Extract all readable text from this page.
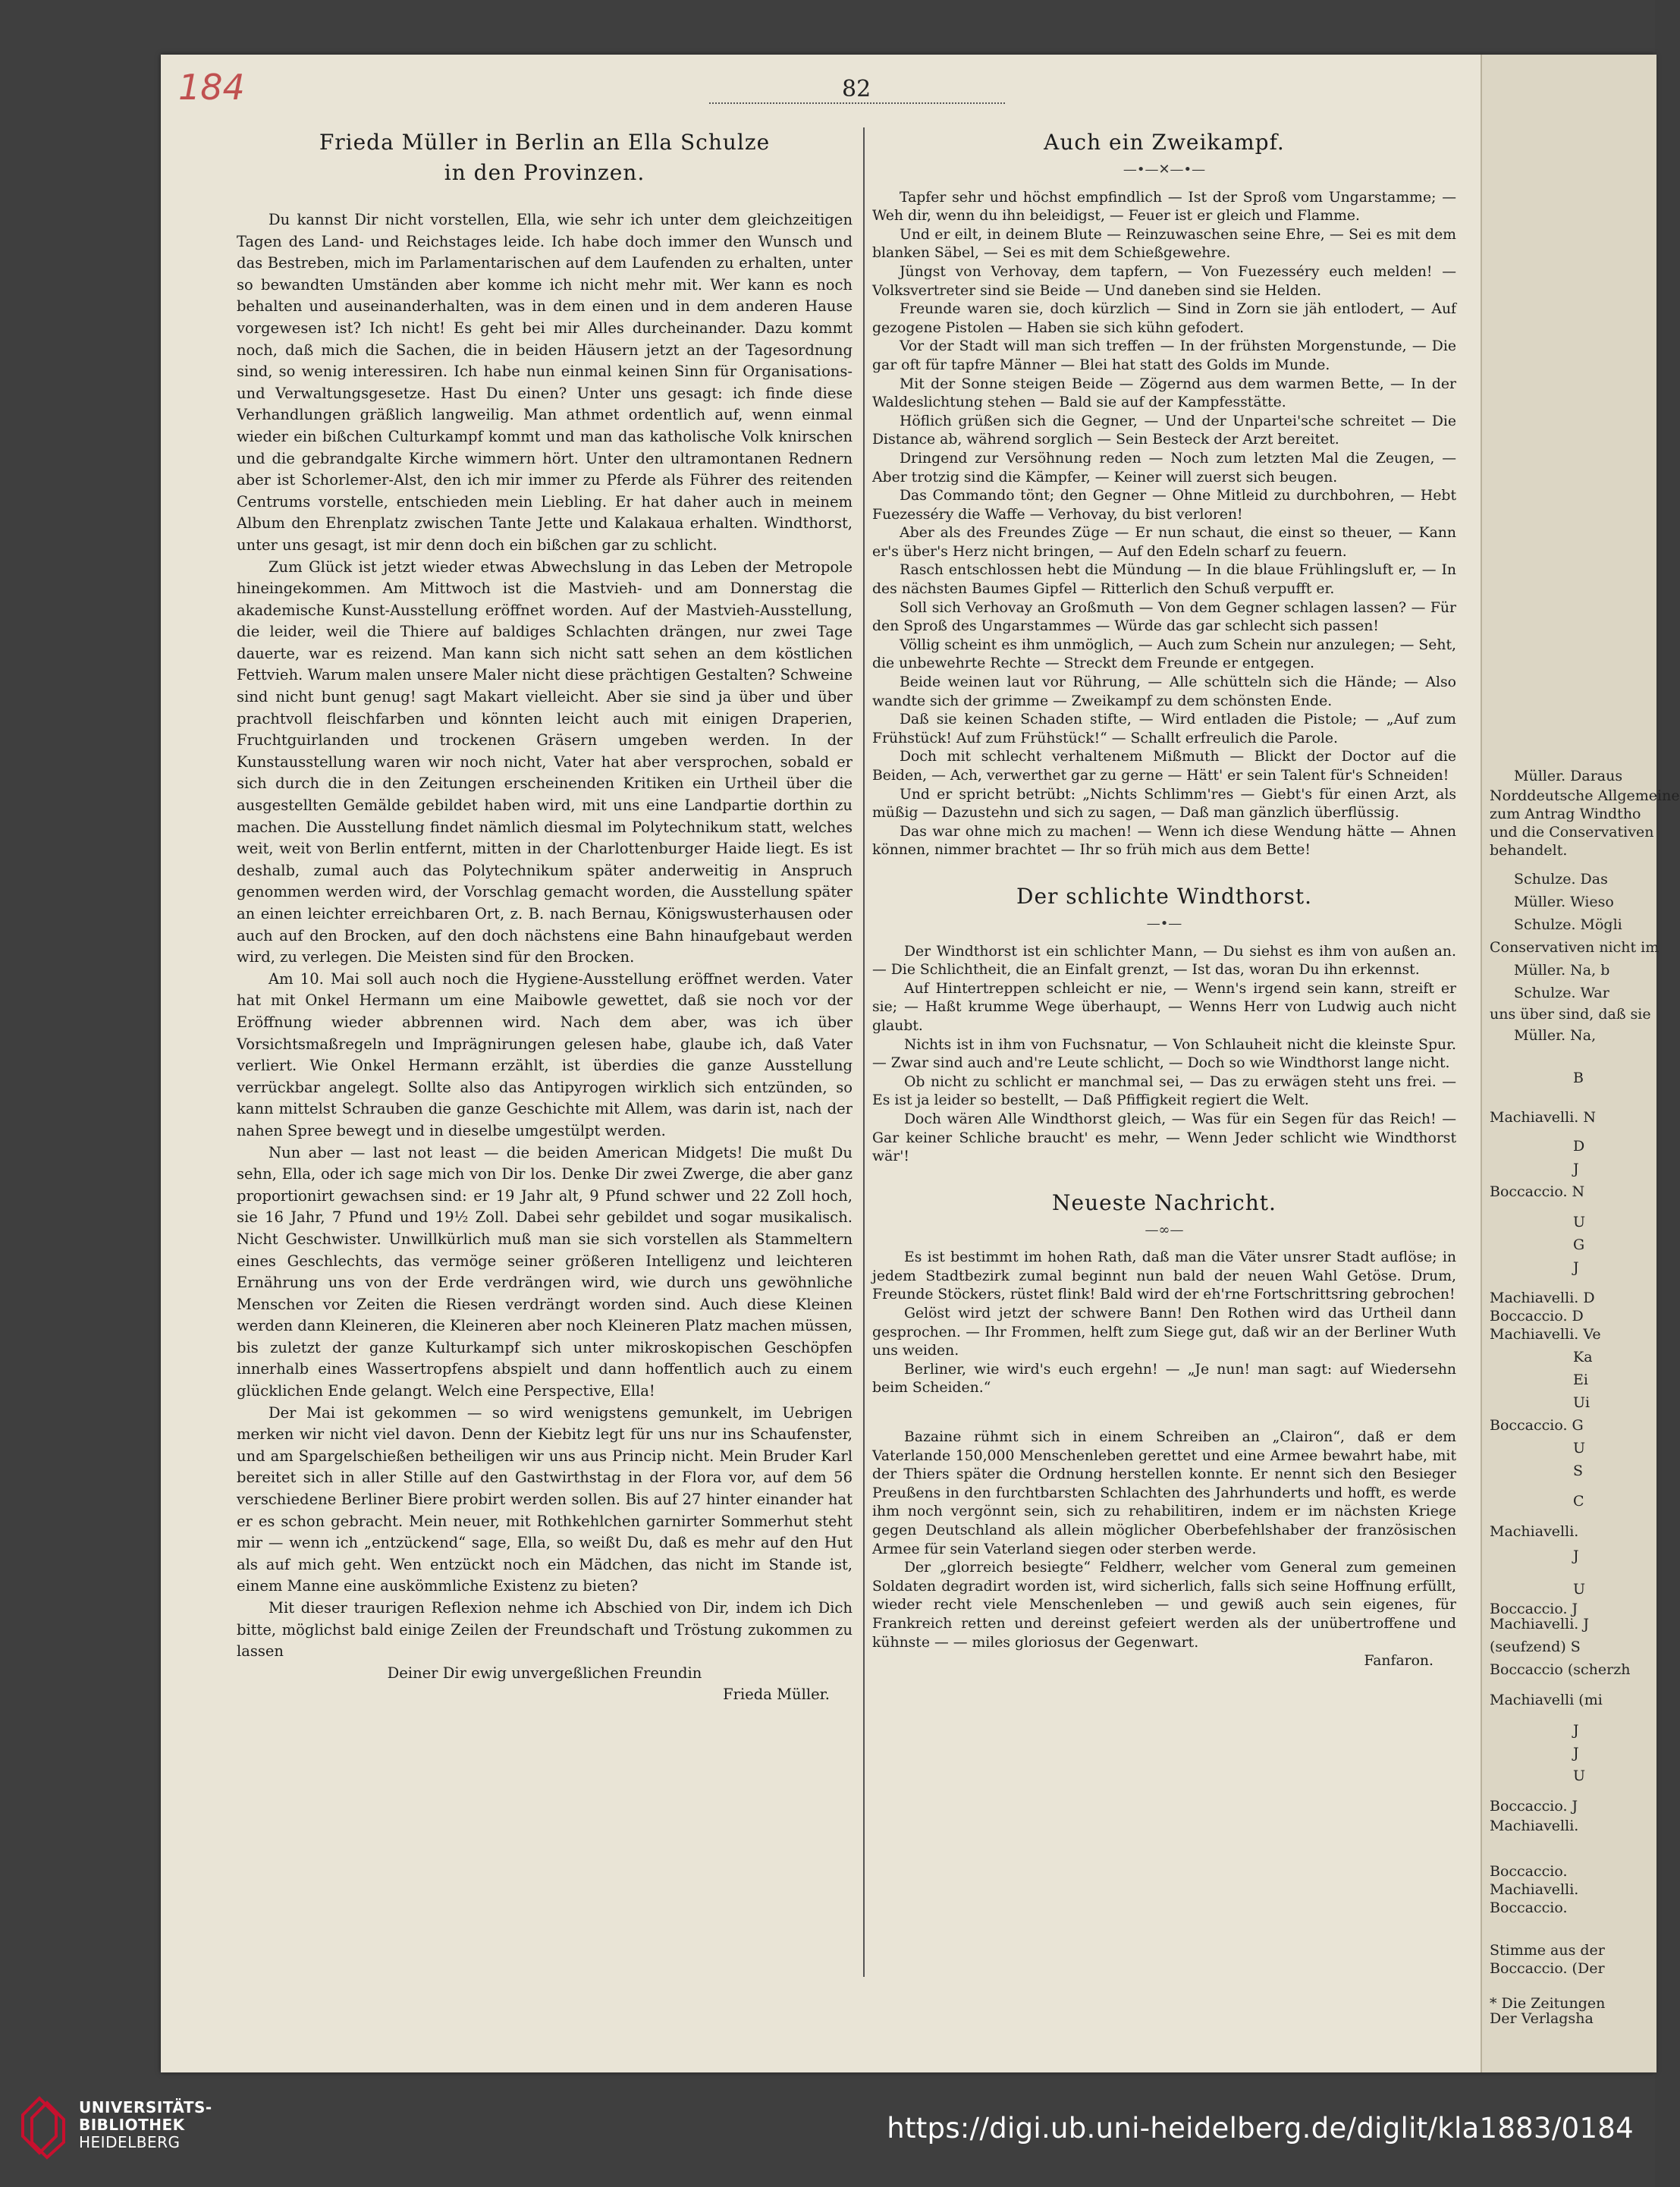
Müller. Daraus
Norddeutsche Allgemeine
zum Antrag Windtho
und die Conservativen
behandelt.
Schulze. Das
Müller. Wieso
Schulze. Mögli
Conservativen nicht im
Müller. Na, b
Schulze. War
uns über sind, daß sie
Müller. Na,
B
Machiavelli. N
D
J
Boccaccio. N
U
G
J
Machiavelli. D
Boccaccio. D
Machiavelli. Ve
Ka
Ei
Ui
Boccaccio. G
U
S
C
Machiavelli.
J
U
Boccaccio. J
Machiavelli. J
(seufzend) S
Boccaccio (scherzh
Machiavelli (mi
J
J
U
Boccaccio. J
Machiavelli.
Boccaccio.
Machiavelli.
Boccaccio.
Stimme aus der
Boccaccio. (Der
* Die Zeitungen
Der Verlagsha
184	82
Frieda Müller in Berlin an Ella Schulze
in den Provinzen.

Du kannst Dir nicht vorstellen, Ella, wie sehr ich unter dem gleichzeitigen Tagen des Land- und Reichstages leide. Ich habe doch immer den Wunsch und das Bestreben, mich im Parlamentarischen auf dem Laufenden zu erhalten, unter so bewandten Umständen aber komme ich nicht mehr mit. Wer kann es noch behalten und auseinanderhalten, was in dem einen und in dem anderen Hause vorgewesen ist? Ich nicht! Es geht bei mir Alles durcheinander. Dazu kommt noch, daß mich die Sachen, die in beiden Häusern jetzt an der Tagesordnung sind, so wenig interessiren. Ich habe nun einmal keinen Sinn für Organisations- und Verwaltungsgesetze. Hast Du einen? Unter uns gesagt: ich finde diese Verhandlungen gräßlich langweilig. Man athmet ordentlich auf, wenn einmal wieder ein bißchen Culturkampf kommt und man das katholische Volk knirschen und die gebrandgalte Kirche wimmern hört. Unter den ultramontanen Rednern aber ist Schorlemer-Alst, den ich mir immer zu Pferde als Führer des reitenden Centrums vorstelle, entschieden mein Liebling. Er hat daher auch in meinem Album den Ehrenplatz zwischen Tante Jette und Kalakaua erhalten. Windthorst, unter uns gesagt, ist mir denn doch ein bißchen gar zu schlicht.

Zum Glück ist jetzt wieder etwas Abwechslung in das Leben der Metropole hineingekommen. Am Mittwoch ist die Mastvieh- und am Donnerstag die akademische Kunst-Ausstellung eröffnet worden. Auf der Mastvieh-Ausstellung, die leider, weil die Thiere auf baldiges Schlachten drängen, nur zwei Tage dauerte, war es reizend. Man kann sich nicht satt sehen an dem köstlichen Fettvieh. Warum malen unsere Maler nicht diese prächtigen Gestalten? Schweine sind nicht bunt genug! sagt Makart vielleicht. Aber sie sind ja über und über prachtvoll fleischfarben und könnten leicht auch mit einigen Draperien, Fruchtguirlanden und trockenen Gräsern umgeben werden. In der Kunstausstellung waren wir noch nicht, Vater hat aber versprochen, sobald er sich durch die in den Zeitungen erscheinenden Kritiken ein Urtheil über die ausgestellten Gemälde gebildet haben wird, mit uns eine Landpartie dorthin zu machen. Die Ausstellung findet nämlich diesmal im Polytechnikum statt, welches weit, weit von Berlin entfernt, mitten in der Charlottenburger Haide liegt. Es ist deshalb, zumal auch das Polytechnikum später anderweitig in Anspruch genommen werden wird, der Vorschlag gemacht worden, die Ausstellung später an einen leichter erreichbaren Ort, z. B. nach Bernau, Königswusterhausen oder auch auf den Brocken, auf den doch nächstens eine Bahn hinaufgebaut werden wird, zu verlegen. Die Meisten sind für den Brocken.

Am 10. Mai soll auch noch die Hygiene-Ausstellung eröffnet werden. Vater hat mit Onkel Hermann um eine Maibowle gewettet, daß sie noch vor der Eröffnung wieder abbrennen wird. Nach dem aber, was ich über Vorsichtsmaßregeln und Imprägnirungen gelesen habe, glaube ich, daß Vater verliert. Wie Onkel Hermann erzählt, ist überdies die ganze Ausstellung verrückbar angelegt. Sollte also das Antipyrogen wirklich sich entzünden, so kann mittelst Schrauben die ganze Geschichte mit Allem, was darin ist, nach der nahen Spree bewegt und in dieselbe umgestülpt werden.

Nun aber — last not least — die beiden American Midgets! Die mußt Du sehn, Ella, oder ich sage mich von Dir los. Denke Dir zwei Zwerge, die aber ganz proportionirt gewachsen sind: er 19 Jahr alt, 9 Pfund schwer und 22 Zoll hoch, sie 16 Jahr, 7 Pfund und 19½ Zoll. Dabei sehr gebildet und sogar musikalisch. Nicht Geschwister. Unwillkürlich muß man sie sich vorstellen als Stammeltern eines Geschlechts, das vermöge seiner größeren Intelligenz und leichteren Ernährung uns von der Erde verdrängen wird, wie durch uns gewöhnliche Menschen vor Zeiten die Riesen verdrängt worden sind. Auch diese Kleinen werden dann Kleineren, die Kleineren aber noch Kleineren Platz machen müssen, bis zuletzt der ganze Kulturkampf sich unter mikroskopischen Geschöpfen innerhalb eines Wassertropfens abspielt und dann hoffentlich auch zu einem glücklichen Ende gelangt. Welch eine Perspective, Ella!

Der Mai ist gekommen — so wird wenigstens gemunkelt, im Uebrigen merken wir nicht viel davon. Denn der Kiebitz legt für uns nur ins Schaufenster, und am Spargelschießen betheiligen wir uns aus Princip nicht. Mein Bruder Karl bereitet sich in aller Stille auf den Gastwirthstag in der Flora vor, auf dem 56 verschiedene Berliner Biere probirt werden sollen. Bis auf 27 hinter einander hat er es schon gebracht. Mein neuer, mit Rothkehlchen garnirter Sommerhut steht mir — wenn ich „entzückend“ sage, Ella, so weißt Du, daß es mehr auf den Hut als auf mich geht. Wen entzückt noch ein Mädchen, das nicht im Stande ist, einem Manne eine auskömmliche Existenz zu bieten?

Mit dieser traurigen Reflexion nehme ich Abschied von Dir, indem ich Dich bitte, möglichst bald einige Zeilen der Freundschaft und Tröstung zukommen zu lassen

Deiner Dir ewig unvergeßlichen Freundin

Frieda Müller.

Auch ein Zweikampf.
—•—✕—•—

Tapfer sehr und höchst empfindlich — Ist der Sproß vom Ungarstamme; — Weh dir, wenn du ihn beleidigst, — Feuer ist er gleich und Flamme.

Und er eilt, in deinem Blute — Reinzuwaschen seine Ehre, — Sei es mit dem blanken Säbel, — Sei es mit dem Schießgewehre.

Jüngst von Verhovay, dem tapfern, — Von Fuezesséry euch melden! — Volksvertreter sind sie Beide — Und daneben sind sie Helden.

Freunde waren sie, doch kürzlich — Sind in Zorn sie jäh entlodert, — Auf gezogene Pistolen — Haben sie sich kühn gefodert.

Vor der Stadt will man sich treffen — In der frühsten Morgenstunde, — Die gar oft für tapfre Männer — Blei hat statt des Golds im Munde.

Mit der Sonne steigen Beide — Zögernd aus dem warmen Bette, — In der Waldeslichtung stehen — Bald sie auf der Kampfesstätte.

Höflich grüßen sich die Gegner, — Und der Unpartei'sche schreitet — Die Distance ab, während sorglich — Sein Besteck der Arzt bereitet.

Dringend zur Versöhnung reden — Noch zum letzten Mal die Zeugen, — Aber trotzig sind die Kämpfer, — Keiner will zuerst sich beugen.

Das Commando tönt; den Gegner — Ohne Mitleid zu durchbohren, — Hebt Fuezesséry die Waffe — Verhovay, du bist verloren!

Aber als des Freundes Züge — Er nun schaut, die einst so theuer, — Kann er's über's Herz nicht bringen, — Auf den Edeln scharf zu feuern.

Rasch entschlossen hebt die Mündung — In die blaue Frühlingsluft er, — In des nächsten Baumes Gipfel — Ritterlich den Schuß verpufft er.

Soll sich Verhovay an Großmuth — Von dem Gegner schlagen lassen? — Für den Sproß des Ungarstammes — Würde das gar schlecht sich passen!

Völlig scheint es ihm unmöglich, — Auch zum Schein nur anzulegen; — Seht, die unbewehrte Rechte — Streckt dem Freunde er entgegen.

Beide weinen laut vor Rührung, — Alle schütteln sich die Hände; — Also wandte sich der grimme — Zweikampf zu dem schönsten Ende.

Daß sie keinen Schaden stifte, — Wird entladen die Pistole; — „Auf zum Frühstück! Auf zum Frühstück!“ — Schallt erfreulich die Parole.

Doch mit schlecht verhaltenem Mißmuth — Blickt der Doctor auf die Beiden, — Ach, verwerthet gar zu gerne — Hätt' er sein Talent für's Schneiden!

Und er spricht betrübt: „Nichts Schlimm'res — Giebt's für einen Arzt, als müßig — Dazustehn und sich zu sagen, — Daß man gänzlich überflüssig.

Das war ohne mich zu machen! — Wenn ich diese Wendung hätte — Ahnen können, nimmer brachtet — Ihr so früh mich aus dem Bette!

Der schlichte Windthorst.
—•—

Der Windthorst ist ein schlichter Mann, — Du siehst es ihm von außen an. — Die Schlichtheit, die an Einfalt grenzt, — Ist das, woran Du ihn erkennst.

Auf Hintertreppen schleicht er nie, — Wenn's irgend sein kann, streift er sie; — Haßt krumme Wege überhaupt, — Wenns Herr von Ludwig auch nicht glaubt.

Nichts ist in ihm von Fuchsnatur, — Von Schlauheit nicht die kleinste Spur. — Zwar sind auch and're Leute schlicht, — Doch so wie Windthorst lange nicht.

Ob nicht zu schlicht er manchmal sei, — Das zu erwägen steht uns frei. — Es ist ja leider so bestellt, — Daß Pfiffigkeit regiert die Welt.

Doch wären Alle Windthorst gleich, — Was für ein Segen für das Reich! — Gar keiner Schliche braucht' es mehr, — Wenn Jeder schlicht wie Windthorst wär'!

Neueste Nachricht.
—∞—

Es ist bestimmt im hohen Rath, daß man die Väter unsrer Stadt auflöse; in jedem Stadtbezirk zumal beginnt nun bald der neuen Wahl Getöse. Drum, Freunde Stöckers, rüstet flink! Bald wird der eh'rne Fortschrittsring gebrochen!

Gelöst wird jetzt der schwere Bann! Den Rothen wird das Urtheil dann gesprochen. — Ihr Frommen, helft zum Siege gut, daß wir an der Berliner Wuth uns weiden.

Berliner, wie wird's euch ergehn! — „Je nun! man sagt: auf Wiedersehn beim Scheiden.“

Bazaine rühmt sich in einem Schreiben an „Clairon“, daß er dem Vaterlande 150,000 Menschenleben gerettet und eine Armee bewahrt habe, mit der Thiers später die Ordnung herstellen konnte. Er nennt sich den Besieger Preußens in den furchtbarsten Schlachten des Jahrhunderts und hofft, es werde ihm noch vergönnt sein, sich zu rehabilitiren, indem er im nächsten Kriege gegen Deutschland als allein möglicher Oberbefehlshaber der französischen Armee für sein Vaterland siegen oder sterben werde.

Der „glorreich besiegte“ Feldherr, welcher vom General zum gemeinen Soldaten degradirt worden ist, wird sicherlich, falls sich seine Hoffnung erfüllt, wieder recht viele Menschenleben — und gewiß auch sein eigenes, für Frankreich retten und dereinst gefeiert werden als der unübertroffene und kühnste — — miles gloriosus der Gegenwart.

Fanfaron.

UNIVERSITÄTS-
BIBLIOTHEK
HEIDELBERG	https://digi.ub.uni-heidelberg.de/diglit/kla1883/0184
